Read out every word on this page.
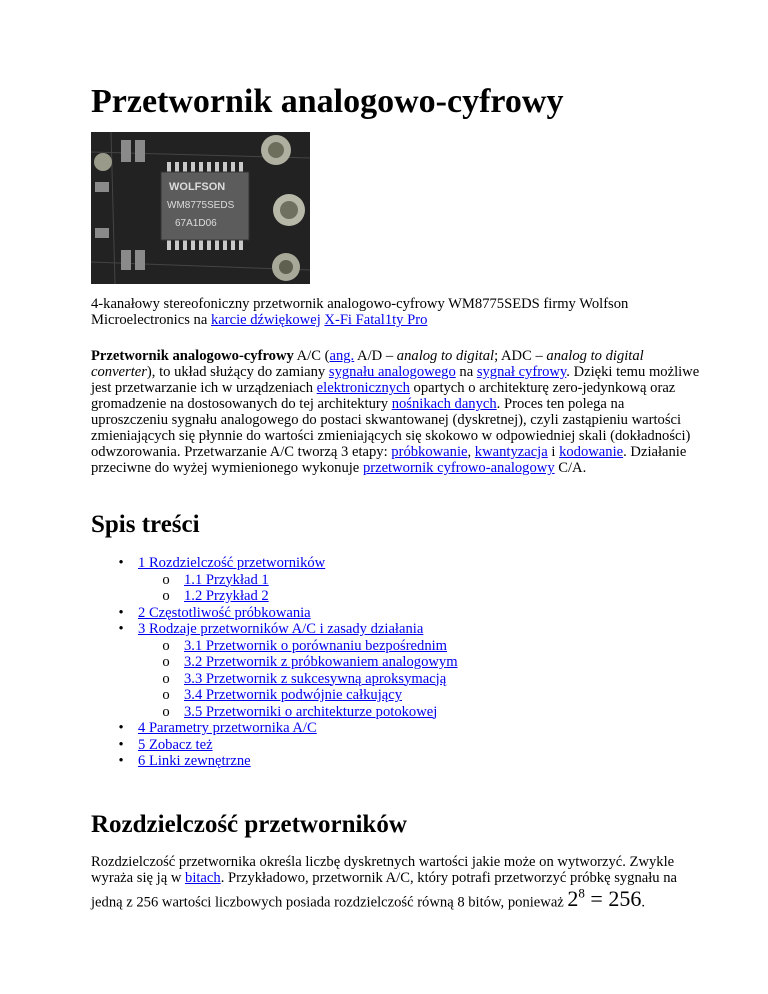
Przetwornik analogowo-cyfrowy
WOLFSON
WM8775SEDS
67A1D06

4-kanałowy stereofoniczny przetwornik analogowo-cyfrowy WM8775SEDS firmy Wolfson Microelectronics na karcie dźwiękowej X-Fi Fatal1ty Pro

Przetwornik analogowo-cyfrowy A/C (ang. A/D – analog to digital; ADC – analog to digital converter), to układ służący do zamiany sygnału analogowego na sygnał cyfrowy. Dzięki temu możliwe jest przetwarzanie ich w urządzeniach elektronicznych opartych o architekturę zero-jedynkową oraz gromadzenie na dostosowanych do tej architektury nośnikach danych. Proces ten polega na uproszczeniu sygnału analogowego do postaci skwantowanej (dyskretnej), czyli zastąpieniu wartości zmieniających się płynnie do wartości zmieniających się skokowo w odpowiedniej skali (dokładności) odwzorowania. Przetwarzanie A/C tworzą 3 etapy: próbkowanie, kwantyzacja i kodowanie. Działanie przeciwne do wyżej wymienionego wykonuje przetwornik cyfrowo-analogowy C/A.

Spis treści
• 1 Rozdzielczość przetworników
o 1.1 Przykład 1
o 1.2 Przykład 2
• 2 Częstotliwość próbkowania
• 3 Rodzaje przetworników A/C i zasady działania
o 3.1 Przetwornik o porównaniu bezpośrednim
o 3.2 Przetwornik z próbkowaniem analogowym
o 3.3 Przetwornik z sukcesywną aproksymacją
o 3.4 Przetwornik podwójnie całkujący
o 3.5 Przetworniki o architekturze potokowej
• 4 Parametry przetwornika A/C
• 5 Zobacz też
• 6 Linki zewnętrzne
Rozdzielczość przetworników

Rozdzielczość przetwornika określa liczbę dyskretnych wartości jakie może on wytworzyć. Zwykle wyraża się ją w bitach. Przykładowo, przetwornik A/C, który potrafi przetworzyć próbkę sygnału na jedną z 256 wartości liczbowych posiada rozdzielczość równą 8 bitów, ponieważ $2^8 = 256$.
